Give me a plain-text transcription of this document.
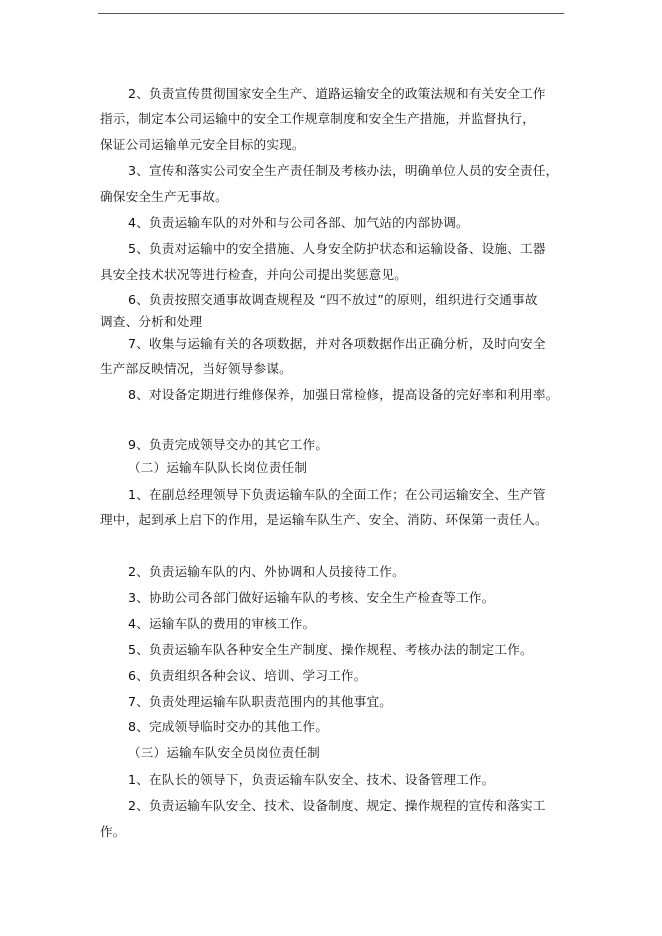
2、负责宣传贯彻国家安全生产、道路运输安全的政策法规和有关安全工作
指示，制定本公司运输中的安全工作规章制度和安全生产措施，并监督执行，
保证公司运输单元安全目标的实现。
3、宣传和落实公司安全生产责任制及考核办法，明确单位人员的安全责任，
确保安全生产无事故。
4、负责运输车队的对外和与公司各部、加气站的内部协调。
5、负责对运输中的安全措施、人身安全防护状态和运输设备、设施、工器
具安全技术状况等进行检查，并向公司提出奖惩意见。
6、负责按照交通事故调查规程及 “四不放过”的原则，组织进行交通事故
调查、分析和处理
7、收集与运输有关的各项数据，并对各项数据作出正确分析，及时向安全
生产部反映情况，当好领导参谋。
8、对设备定期进行维修保养，加强日常检修，提高设备的完好率和利用率。
9、负责完成领导交办的其它工作。
（二）运输车队队长岗位责任制
1、在副总经理领导下负责运输车队的全面工作；在公司运输安全、生产管
理中，起到承上启下的作用，是运输车队生产、安全、消防、环保第一责任人。
2、负责运输车队的内、外协调和人员接待工作。
3、协助公司各部门做好运输车队的考核、安全生产检查等工作。
4、运输车队的费用的审核工作。
5、负责运输车队各种安全生产制度、操作规程、考核办法的制定工作。
6、负责组织各种会议、培训、学习工作。
7、负责处理运输车队职责范围内的其他事宜。
8、完成领导临时交办的其他工作。
（三）运输车队安全员岗位责任制
1、在队长的领导下，负责运输车队安全、技术、设备管理工作。
2、负责运输车队安全、技术、设备制度、规定、操作规程的宣传和落实工
作。
